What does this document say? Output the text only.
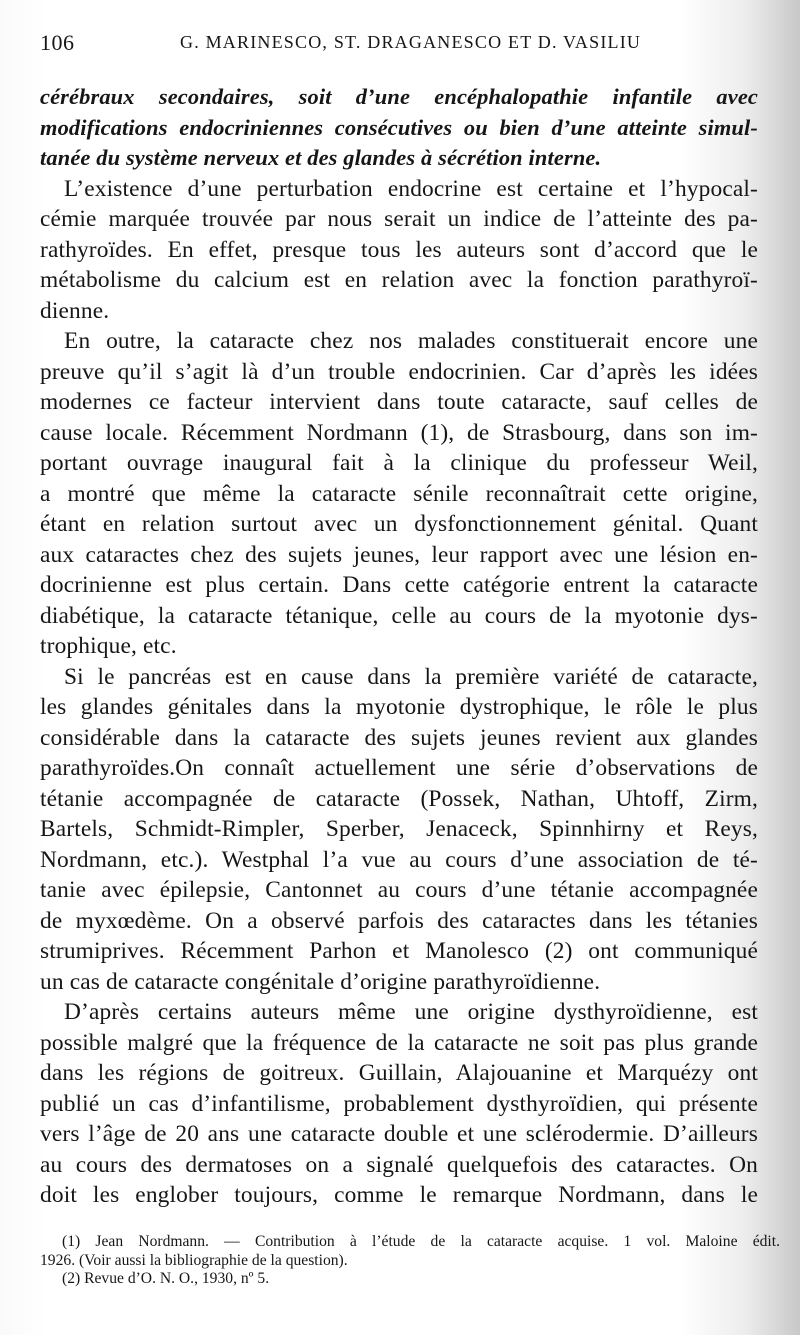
106	G. MARINESCO, ST. DRAGANESCO ET D. VASILIU
cérébraux secondaires, soit d’une encéphalopathie infantile avec
modifications endocriniennes consécutives ou bien d’une atteinte simul-
tanée du système nerveux et des glandes à sécrétion interne.
L’existence d’une perturbation endocrine est certaine et l’hypocal-
cémie marquée trouvée par nous serait un indice de l’atteinte des pa-
rathyroïdes. En effet, presque tous les auteurs sont d’accord que le
métabolisme du calcium est en relation avec la fonction parathyroï-
dienne.
En outre, la cataracte chez nos malades constituerait encore une
preuve qu’il s’agit là d’un trouble endocrinien. Car d’après les idées
modernes ce facteur intervient dans toute cataracte, sauf celles de
cause locale. Récemment Nordmann (1), de Strasbourg, dans son im-
portant ouvrage inaugural fait à la clinique du professeur Weil,
a montré que même la cataracte sénile reconnaîtrait cette origine,
étant en relation surtout avec un dysfonctionnement génital. Quant
aux cataractes chez des sujets jeunes, leur rapport avec une lésion en-
docrinienne est plus certain. Dans cette catégorie entrent la cataracte
diabétique, la cataracte tétanique, celle au cours de la myotonie dys-
trophique, etc.
Si le pancréas est en cause dans la première variété de cataracte,
les glandes génitales dans la myotonie dystrophique, le rôle le plus
considérable dans la cataracte des sujets jeunes revient aux glandes
parathyroïdes.On connaît actuellement une série d’observations de
tétanie accompagnée de cataracte (Possek, Nathan, Uhtoff, Zirm,
Bartels, Schmidt-Rimpler, Sperber, Jenaceck, Spinnhirny et Reys,
Nordmann, etc.). Westphal l’a vue au cours d’une association de té-
tanie avec épilepsie, Cantonnet au cours d’une tétanie accompagnée
de myxœdème. On a observé parfois des cataractes dans les tétanies
strumiprives. Récemment Parhon et Manolesco (2) ont communiqué
un cas de cataracte congénitale d’origine parathyroïdienne.
D’après certains auteurs même une origine dysthyroïdienne, est
possible malgré que la fréquence de la cataracte ne soit pas plus grande
dans les régions de goitreux. Guillain, Alajouanine et Marquézy ont
publié un cas d’infantilisme, probablement dysthyroïdien, qui présente
vers l’âge de 20 ans une cataracte double et une sclérodermie. D’ailleurs
au cours des dermatoses on a signalé quelquefois des cataractes. On
doit les englober toujours, comme le remarque Nordmann, dans le
(1) Jean Nordmann. — Contribution à l’étude de la cataracte acquise. 1 vol. Maloine édit.
1926. (Voir aussi la bibliographie de la question).
(2) Revue d’O. N. O., 1930, nº 5.
